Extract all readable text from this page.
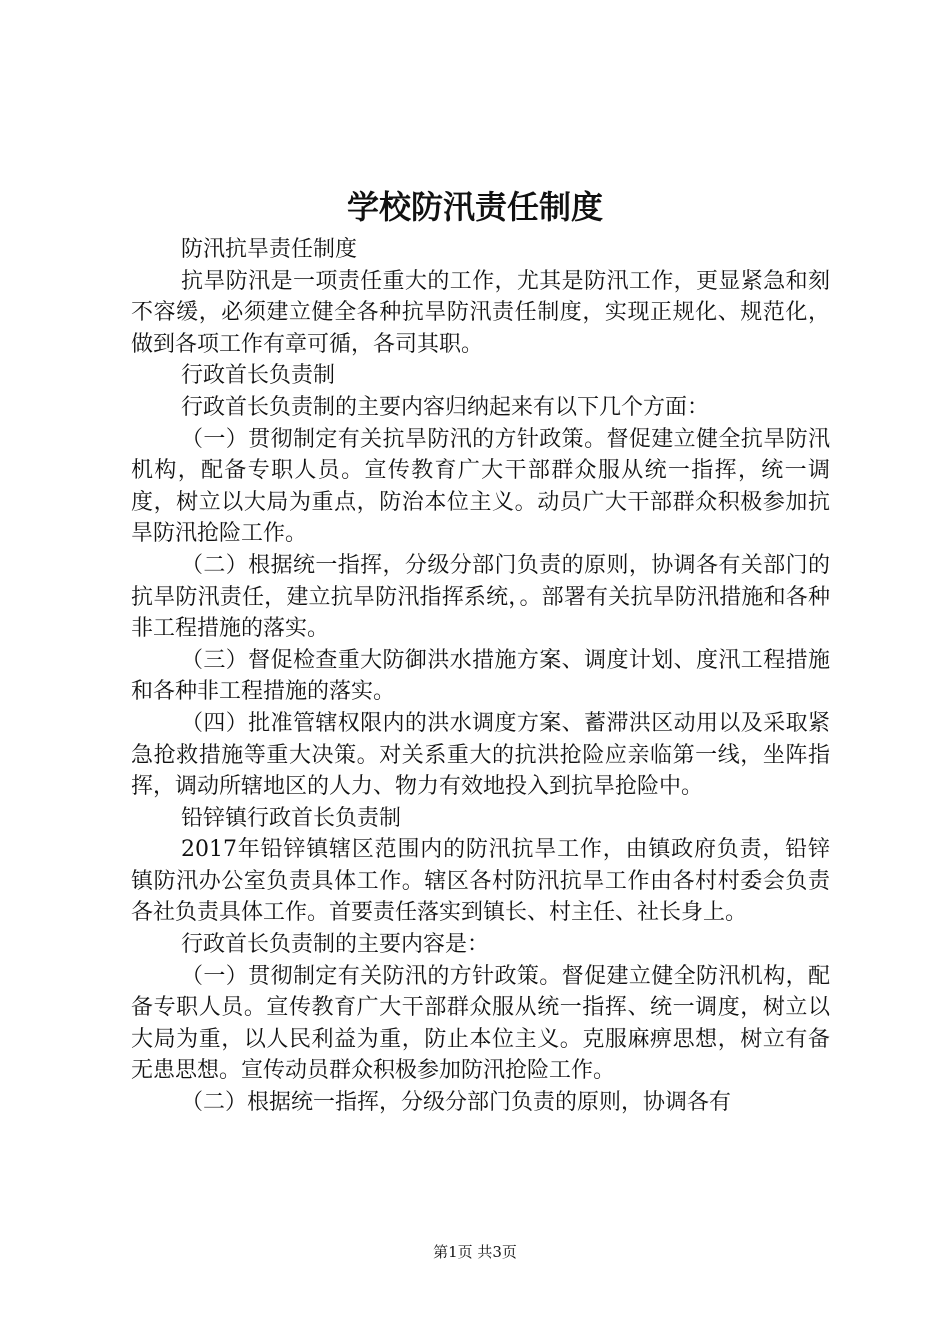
学校防汛责任制度

防汛抗旱责任制度

抗旱防汛是一项责任重大的工作，尤其是防汛工作，更显紧急和刻不容缓，必须建立健全各种抗旱防汛责任制度，实现正规化、规范化，做到各项工作有章可循，各司其职。

行政首长负责制

行政首长负责制的主要内容归纳起来有以下几个方面：

（一）贯彻制定有关抗旱防汛的方针政策。督促建立健全抗旱防汛机构，配备专职人员。宣传教育广大干部群众服从统一指挥，统一调度，树立以大局为重点，防治本位主义。动员广大干部群众积极参加抗旱防汛抢险工作。

（二）根据统一指挥，分级分部门负责的原则，协调各有关部门的抗旱防汛责任，建立抗旱防汛指挥系统，。部署有关抗旱防汛措施和各种非工程措施的落实。

（三）督促检查重大防御洪水措施方案、调度计划、度汛工程措施和各种非工程措施的落实。

（四）批准管辖权限内的洪水调度方案、蓄滞洪区动用以及采取紧急抢救措施等重大决策。对关系重大的抗洪抢险应亲临第一线，坐阵指挥，调动所辖地区的人力、物力有效地投入到抗旱抢险中。

铅锌镇行政首长负责制

2017年铅锌镇辖区范围内的防汛抗旱工作，由镇政府负责，铅锌镇防汛办公室负责具体工作。辖区各村防汛抗旱工作由各村村委会负责各社负责具体工作。首要责任落实到镇长、村主任、社长身上。

行政首长负责制的主要内容是：

（一）贯彻制定有关防汛的方针政策。督促建立健全防汛机构，配备专职人员。宣传教育广大干部群众服从统一指挥、统一调度，树立以大局为重，以人民利益为重，防止本位主义。克服麻痹思想，树立有备无患思想。宣传动员群众积极参加防汛抢险工作。

（二）根据统一指挥，分级分部门负责的原则，协调各有

第1页 共3页
